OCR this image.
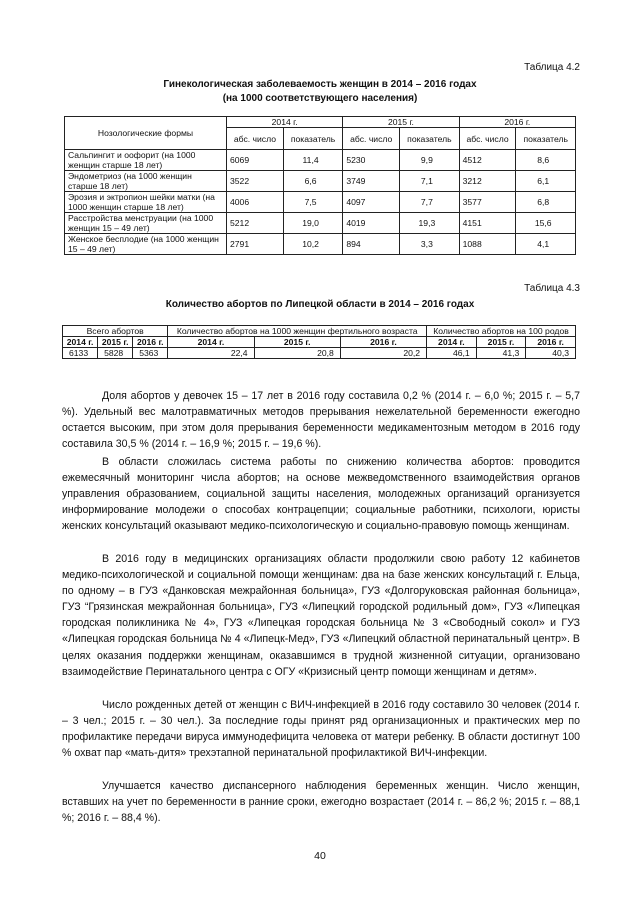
Таблица 4.2
Гинекологическая заболеваемость женщин в 2014 – 2016 годах
(на 1000 соответствующего населения)
Нозологические формы	2014 г.		2015 г.		2016 г.	
	абс. число	показатель	абс. число	показатель	абс. число	показатель
Сальпингит и оофорит (на 1000 женщин старше 18 лет)	6069	11,4	5230	9,9	4512	8,6
Эндометриоз (на 1000 женщин старше 18 лет)	3522	6,6	3749	7,1	3212	6,1
Эрозия и эктропион шейки матки (на 1000 женщин старше 18 лет)	4006	7,5	4097	7,7	3577	6,8
Расстройства менструации (на 1000 женщин 15 – 49 лет)	5212	19,0	4019	19,3	4151	15,6
Женское бесплодие (на 1000 женщин 15 – 49 лет)	2791	10,2	894	3,3	1088	4,1
Таблица 4.3
Количество абортов по Липецкой области в 2014 – 2016 годах
Всего абортов			Количество абортов на 1000 женщин фертильного возраста			Количество абортов на 100 родов		
2014 г.	2015 г.	2016 г.	2014 г.	2015 г.	2016 г.	2014 г.	2015 г.	2016 г.
6133	5828	5363	22,4	20,8	20,2	46,1	41,3	40,3
Доля абортов у девочек 15 – 17 лет в 2016 году составила 0,2 % (2014 г. – 6,0 %; 2015 г. – 5,7 %). Удельный вес малотравматичных методов прерывания нежелательной беременности ежегодно остается высоким, при этом доля прерывания беременности медикаментозным методом в 2016 году составила 30,5 % (2014 г. – 16,9 %; 2015 г. – 19,6 %).
В области сложилась система работы по снижению количества абортов: проводится ежемесячный мониторинг числа абортов; на основе межведомственного взаимодействия органов управления образованием, социальной защиты населения, молодежных организаций организуется информирование молодежи о способах контрацепции; социальные работники, психологи, юристы женских консультаций оказывают медико-психологическую и социально-правовую помощь женщинам.
В 2016 году в медицинских организациях области продолжили свою работу 12 кабинетов медико-психологической и социальной помощи женщинам: два на базе женских консультаций г. Ельца, по одному – в ГУЗ «Данковская межрайонная больница», ГУЗ «Долгоруковская районная больница», ГУЗ “Грязинская межрайонная больница», ГУЗ «Липецкий городской родильный дом», ГУЗ «Липецкая городская поликлиника № 4», ГУЗ «Липецкая городская больница № 3 «Свободный сокол» и ГУЗ «Липецкая городская больница № 4 «Липецк-Мед», ГУЗ «Липецкий областной перинатальный центр». В целях оказания поддержки женщинам, оказавшимся в трудной жизненной ситуации, организовано взаимодействие Перинатального центра с ОГУ «Кризисный центр помощи женщинам и детям».
Число рожденных детей от женщин с ВИЧ-инфекцией в 2016 году составило 30 человек (2014 г. – 3 чел.; 2015 г. – 30 чел.). За последние годы принят ряд организационных и практических мер по профилактике передачи вируса иммунодефицита человека от матери ребенку. В области достигнут 100 % охват пар «мать-дитя» трехэтапной перинатальной профилактикой ВИЧ-инфекции.
Улучшается качество диспансерного наблюдения беременных женщин. Число женщин, вставших на учет по беременности в ранние сроки, ежегодно возрастает (2014 г. – 86,2 %; 2015 г. – 88,1 %; 2016 г. – 88,4 %).
40
